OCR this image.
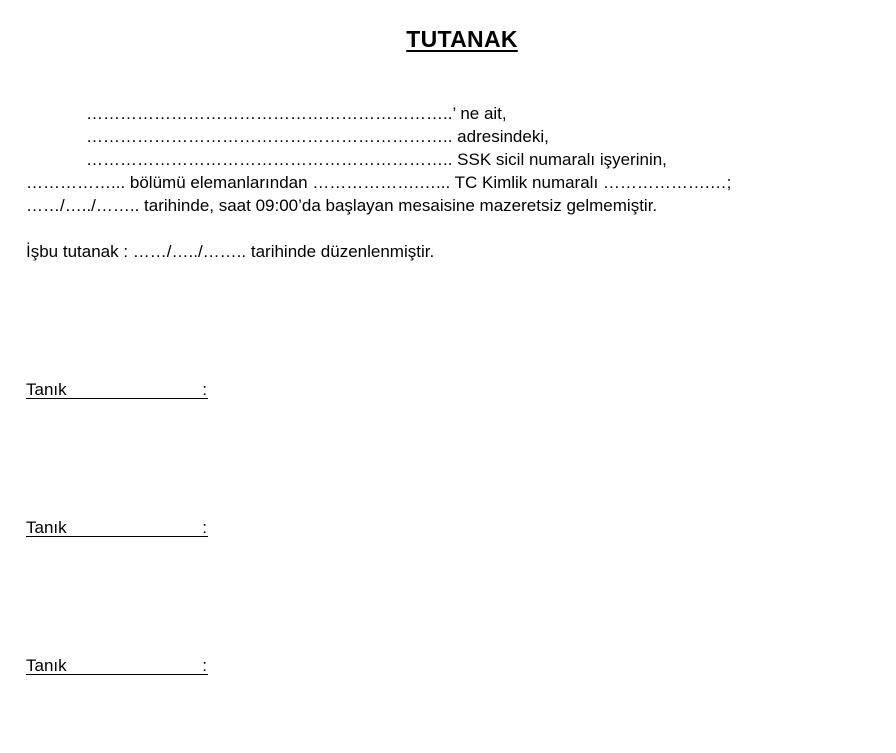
TUTANAK
………………………………………………………..’ ne ait,
……………………………………………………….. adresindeki,
……………………………………………………….. SSK sicil numaralı işyerinin,
……………... bölümü elemanlarından ……………….…... TC Kimlik numaralı ……………….…;
……/…../…….. tarihinde, saat 09:00’da başlayan mesaisine mazeretsiz gelmemiştir.
İşbu tutanak : ……/…../…….. tarihinde düzenlenmiştir.
Tanık	:
Tanık	:
Tanık	:
